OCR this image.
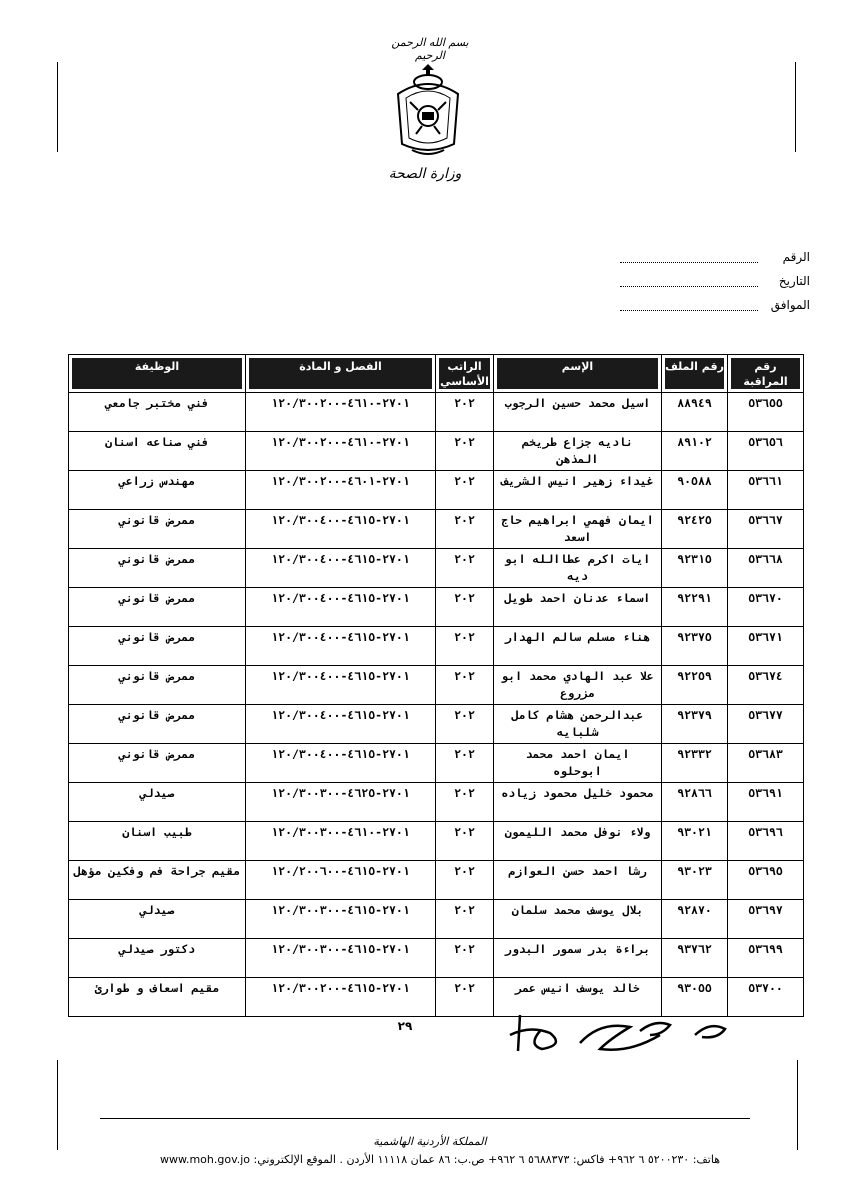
بسم الله الرحمن الرحيم
وزارة الصحة
الرقم
التاريخ
الموافق
رقم المراقبة	رقم الملف	الإسم	الراتب الأساسي	الفصل و المادة	الوظيفة

٥٣٦٥٥	٨٨٩٤٩	اسيل محمد حسين الرجوب	٢٠٢	٢٧٠١-٤٦١٠-١٢٠/٣٠٠٢٠٠	فني مختبر جامعي
٥٣٦٥٦	٨٩١٠٢	ناديه جزاع طريخم المذهن	٢٠٢	٢٧٠١-٤٦١٠-١٢٠/٣٠٠٢٠٠	فني صناعه اسنان
٥٣٦٦١	٩٠٥٨٨	غيداء زهير انيس الشريف	٢٠٢	٢٧٠١-٤٦٠١-١٢٠/٣٠٠٢٠٠	مهندس زراعي
٥٣٦٦٧	٩٢٤٢٥	ايمان فهمي ابراهيم حاج اسعد	٢٠٢	٢٧٠١-٤٦١٥-١٢٠/٣٠٠٤٠٠	ممرض قانوني
٥٣٦٦٨	٩٢٣١٥	ايات اكرم عطاالله ابو ديه	٢٠٢	٢٧٠١-٤٦١٥-١٢٠/٣٠٠٤٠٠	ممرض قانوني
٥٣٦٧٠	٩٢٢٩١	اسماء عدنان احمد طويل	٢٠٢	٢٧٠١-٤٦١٥-١٢٠/٣٠٠٤٠٠	ممرض قانوني
٥٣٦٧١	٩٢٣٧٥	هناء مسلم سالم الهدار	٢٠٢	٢٧٠١-٤٦١٥-١٢٠/٣٠٠٤٠٠	ممرض قانوني
٥٣٦٧٤	٩٢٢٥٩	علا عبد الهادي محمد ابو مزروع	٢٠٢	٢٧٠١-٤٦١٥-١٢٠/٣٠٠٤٠٠	ممرض قانوني
٥٣٦٧٧	٩٢٣٧٩	عبدالرحمن هشام كامل شلبايه	٢٠٢	٢٧٠١-٤٦١٥-١٢٠/٣٠٠٤٠٠	ممرض قانوني
٥٣٦٨٣	٩٢٣٣٢	ايمان احمد محمد ابوحلوه	٢٠٢	٢٧٠١-٤٦١٥-١٢٠/٣٠٠٤٠٠	ممرض قانوني
٥٣٦٩١	٩٢٨٦٦	محمود خليل محمود زياده	٢٠٢	٢٧٠١-٤٦٢٥-١٢٠/٣٠٠٣٠٠	صيدلي
٥٣٦٩٦	٩٣٠٢١	ولاء نوفل محمد الليمون	٢٠٢	٢٧٠١-٤٦١٠-١٢٠/٣٠٠٣٠٠	طبيب اسنان
٥٣٦٩٥	٩٣٠٢٣	رشا احمد حسن العوازم	٢٠٢	٢٧٠١-٤٦١٥-١٢٠/٢٠٠٦٠٠	مقيم جراحة فم وفكين مؤهل
٥٣٦٩٧	٩٢٨٧٠	بلال يوسف محمد سلمان	٢٠٢	٢٧٠١-٤٦١٥-١٢٠/٣٠٠٣٠٠	صيدلي
٥٣٦٩٩	٩٣٧٦٢	براءة بدر سمور البدور	٢٠٢	٢٧٠١-٤٦١٥-١٢٠/٣٠٠٣٠٠	دكتور صيدلي
٥٣٧٠٠	٩٣٠٥٥	خالد يوسف انيس عمر	٢٠٢	٢٧٠١-٤٦١٥-١٢٠/٣٠٠٢٠٠	مقيم اسعاف و طوارئ
٢٩
المملكة الأردنية الهاشمية
هاتف: ٥٢٠٠٢٣٠ ٦ ٩٦٢+ فاكس: ٥٦٨٨٣٧٣ ٦ ٩٦٢+ ص.ب: ٨٦ عمان ١١١١٨ الأردن . الموقع الإلكتروني: www.moh.gov.jo
